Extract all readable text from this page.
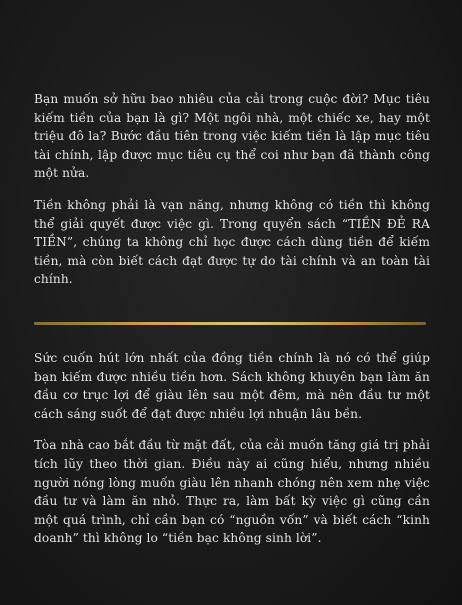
Bạn muốn sở hữu bao nhiêu của cải trong cuộc đời? Mục tiêu kiếm tiền của bạn là gì? Một ngôi nhà, một chiếc xe, hay một triệu đô la? Bước đầu tiên trong việc kiếm tiền là lập mục tiêu tài chính, lập được mục tiêu cụ thể coi như bạn đã thành công một nửa.

Tiền không phải là vạn năng, nhưng không có tiền thì không thể giải quyết được việc gì. Trong quyển sách “TIỀN ĐẺ RA TIỀN”, chúng ta không chỉ học được cách dùng tiền để kiếm tiền, mà còn biết cách đạt được tự do tài chính và an toàn tài chính.

Sức cuốn hút lớn nhất của đồng tiền chính là nó có thể giúp bạn kiếm được nhiều tiền hơn. Sách không khuyên bạn làm ăn đầu cơ trục lợi để giàu lên sau một đêm, mà nên đầu tư một cách sáng suốt để đạt được nhiều lợi nhuận lâu bền.

Tòa nhà cao bắt đầu từ mặt đất, của cải muốn tăng giá trị phải tích lũy theo thời gian. Điều này ai cũng hiểu, nhưng nhiều người nóng lòng muốn giàu lên nhanh chóng nên xem nhẹ việc đầu tư và làm ăn nhỏ. Thực ra, làm bất kỳ việc gì cũng cần một quá trình, chỉ cần bạn có “nguồn vốn” và biết cách “kinh doanh” thì không lo “tiền bạc không sinh lời”.
